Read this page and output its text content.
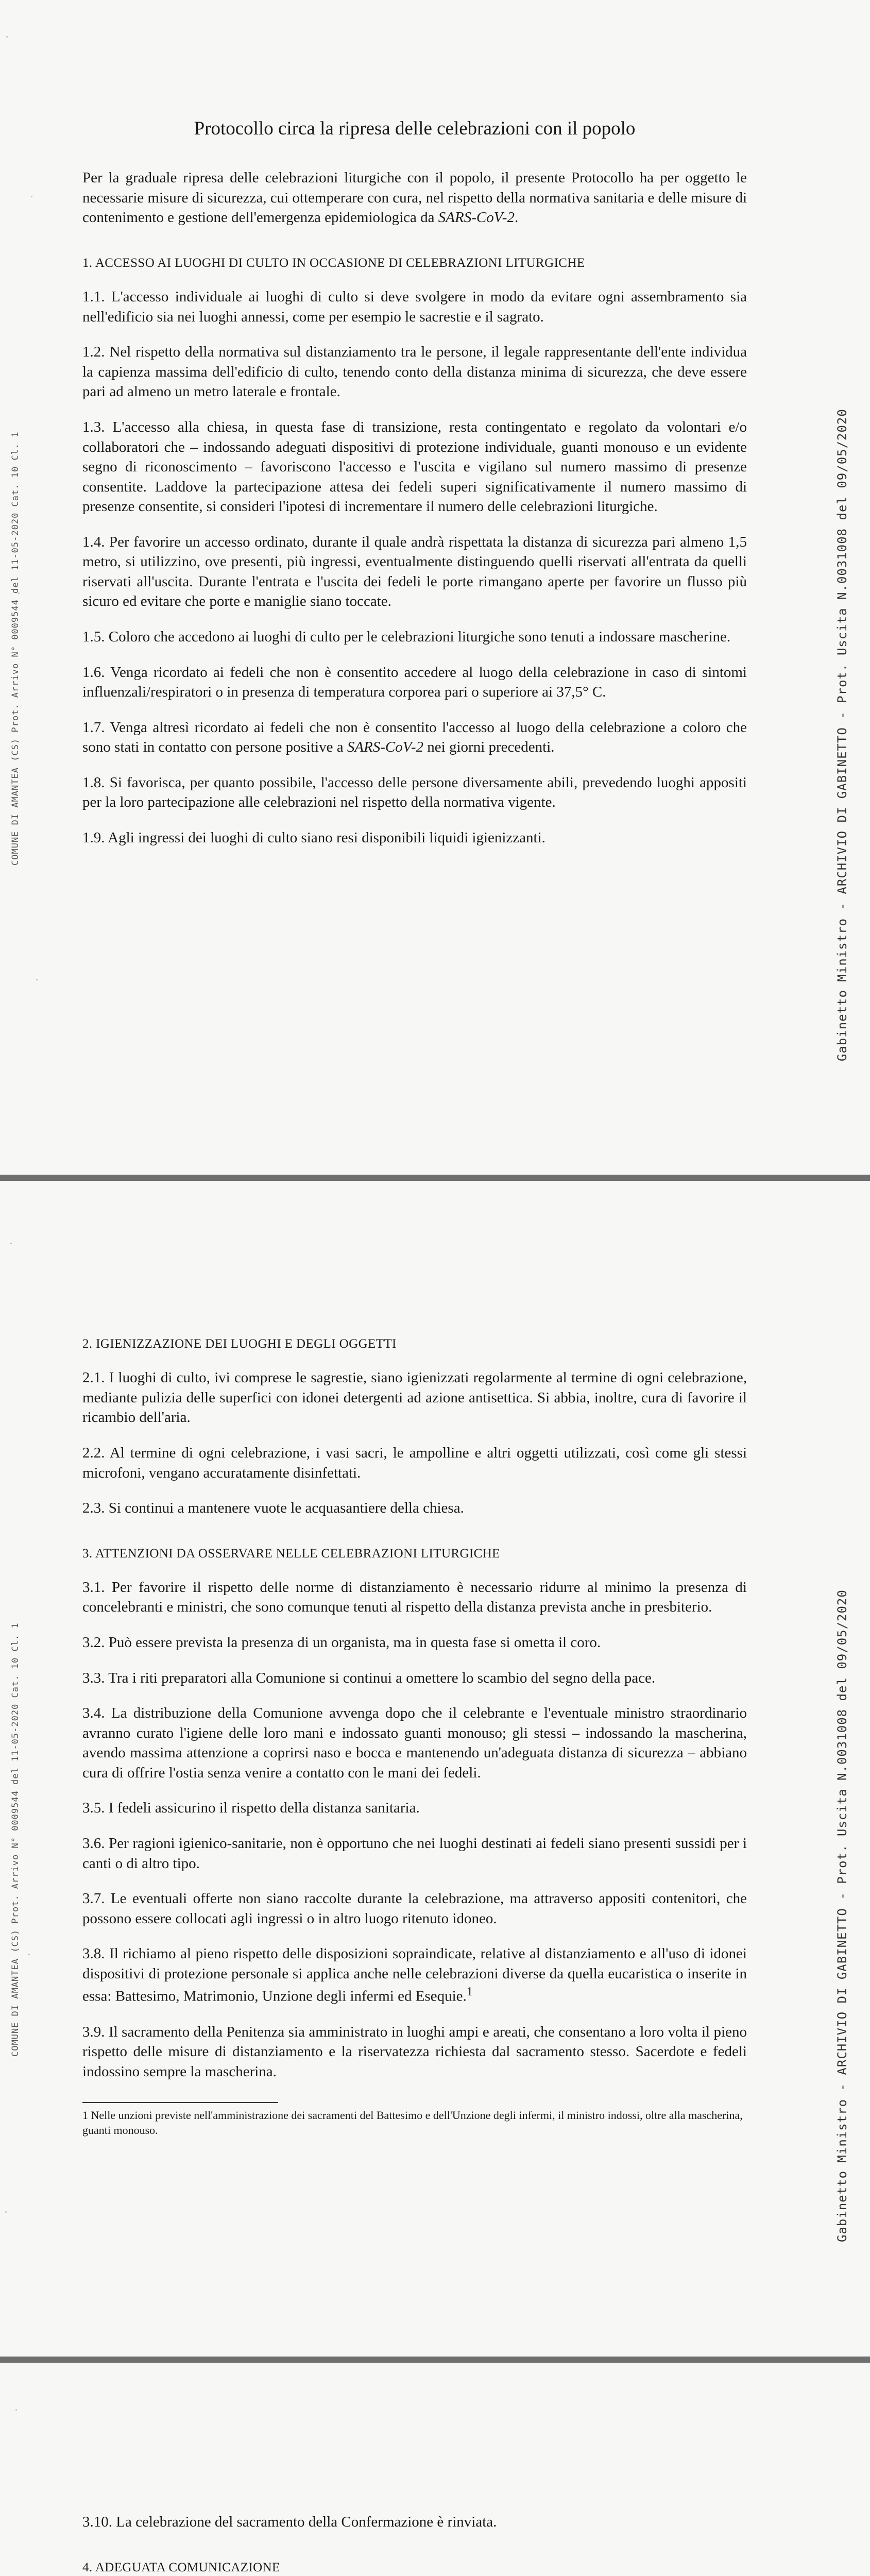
COMUNE DI AMANTEA (CS) Prot. Arrivo N° 0009544 del 11-05-2020 Cat. 10 Cl. 1	Gabinetto Ministro - ARCHIVIO DI GABINETTO - Prot. Uscita N.0031008 del 09/05/2020
Protocollo circa la ripresa delle celebrazioni con il popolo

Per la graduale ripresa delle celebrazioni liturgiche con il popolo, il presente Protocollo ha per oggetto le necessarie misure di sicurezza, cui ottemperare con cura, nel rispetto della normativa sanitaria e delle misure di contenimento e gestione dell'emergenza epidemiologica da SARS-CoV-2.

1. ACCESSO AI LUOGHI DI CULTO IN OCCASIONE DI CELEBRAZIONI LITURGICHE

1.1. L'accesso individuale ai luoghi di culto si deve svolgere in modo da evitare ogni assembramento sia nell'edificio sia nei luoghi annessi, come per esempio le sacrestie e il sagrato.

1.2. Nel rispetto della normativa sul distanziamento tra le persone, il legale rappresentante dell'ente individua la capienza massima dell'edificio di culto, tenendo conto della distanza minima di sicurezza, che deve essere pari ad almeno un metro laterale e frontale.

1.3. L'accesso alla chiesa, in questa fase di transizione, resta contingentato e regolato da volontari e/o collaboratori che – indossando adeguati dispositivi di protezione individuale, guanti monouso e un evidente segno di riconoscimento – favoriscono l'accesso e l'uscita e vigilano sul numero massimo di presenze consentite. Laddove la partecipazione attesa dei fedeli superi significativamente il numero massimo di presenze consentite, si consideri l'ipotesi di incrementare il numero delle celebrazioni liturgiche.

1.4. Per favorire un accesso ordinato, durante il quale andrà rispettata la distanza di sicurezza pari almeno 1,5 metro, si utilizzino, ove presenti, più ingressi, eventualmente distinguendo quelli riservati all'entrata da quelli riservati all'uscita. Durante l'entrata e l'uscita dei fedeli le porte rimangano aperte per favorire un flusso più sicuro ed evitare che porte e maniglie siano toccate.

1.5. Coloro che accedono ai luoghi di culto per le celebrazioni liturgiche sono tenuti a indossare mascherine.

1.6. Venga ricordato ai fedeli che non è consentito accedere al luogo della celebrazione in caso di sintomi influenzali/respiratori o in presenza di temperatura corporea pari o superiore ai 37,5° C.

1.7. Venga altresì ricordato ai fedeli che non è consentito l'accesso al luogo della celebrazione a coloro che sono stati in contatto con persone positive a SARS-CoV-2 nei giorni precedenti.

1.8. Si favorisca, per quanto possibile, l'accesso delle persone diversamente abili, prevedendo luoghi appositi per la loro partecipazione alle celebrazioni nel rispetto della normativa vigente.

1.9. Agli ingressi dei luoghi di culto siano resi disponibili liquidi igienizzanti.

COMUNE DI AMANTEA (CS) Prot. Arrivo N° 0009544 del 11-05-2020 Cat. 10 Cl. 1	Gabinetto Ministro - ARCHIVIO DI GABINETTO - Prot. Uscita N.0031008 del 09/05/2020
2. IGIENIZZAZIONE DEI LUOGHI E DEGLI OGGETTI

2.1. I luoghi di culto, ivi comprese le sagrestie, siano igienizzati regolarmente al termine di ogni celebrazione, mediante pulizia delle superfici con idonei detergenti ad azione antisettica. Si abbia, inoltre, cura di favorire il ricambio dell'aria.

2.2. Al termine di ogni celebrazione, i vasi sacri, le ampolline e altri oggetti utilizzati, così come gli stessi microfoni, vengano accuratamente disinfettati.

2.3. Si continui a mantenere vuote le acquasantiere della chiesa.

3. ATTENZIONI DA OSSERVARE NELLE CELEBRAZIONI LITURGICHE

3.1. Per favorire il rispetto delle norme di distanziamento è necessario ridurre al minimo la presenza di concelebranti e ministri, che sono comunque tenuti al rispetto della distanza prevista anche in presbiterio.

3.2. Può essere prevista la presenza di un organista, ma in questa fase si ometta il coro.

3.3. Tra i riti preparatori alla Comunione si continui a omettere lo scambio del segno della pace.

3.4. La distribuzione della Comunione avvenga dopo che il celebrante e l'eventuale ministro straordinario avranno curato l'igiene delle loro mani e indossato guanti monouso; gli stessi – indossando la mascherina, avendo massima attenzione a coprirsi naso e bocca e mantenendo un'adeguata distanza di sicurezza – abbiano cura di offrire l'ostia senza venire a contatto con le mani dei fedeli.

3.5. I fedeli assicurino il rispetto della distanza sanitaria.

3.6. Per ragioni igienico-sanitarie, non è opportuno che nei luoghi destinati ai fedeli siano presenti sussidi per i canti o di altro tipo.

3.7. Le eventuali offerte non siano raccolte durante la celebrazione, ma attraverso appositi contenitori, che possono essere collocati agli ingressi o in altro luogo ritenuto idoneo.

3.8. Il richiamo al pieno rispetto delle disposizioni sopraindicate, relative al distanziamento e all'uso di idonei dispositivi di protezione personale si applica anche nelle celebrazioni diverse da quella eucaristica o inserite in essa: Battesimo, Matrimonio, Unzione degli infermi ed Esequie.$^1$

3.9. Il sacramento della Penitenza sia amministrato in luoghi ampi e areati, che consentano a loro volta il pieno rispetto delle misure di distanziamento e la riservatezza richiesta dal sacramento stesso. Sacerdote e fedeli indossino sempre la mascherina.

1 Nelle unzioni previste nell'amministrazione dei sacramenti del Battesimo e dell'Unzione degli infermi, il ministro indossi, oltre alla mascherina, guanti monouso.

3.10. La celebrazione del sacramento della Confermazione è rinviata.

4. ADEGUATA COMUNICAZIONE
